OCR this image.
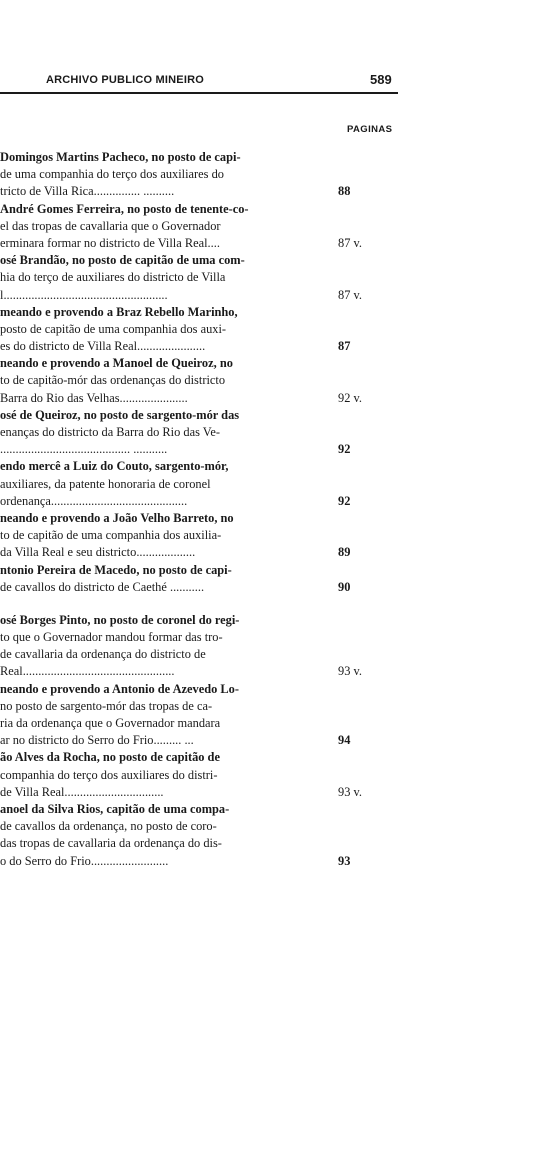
ARCHIVO PUBLICO MINEIRO	589
PAGINAS
Domingos Martins Pacheco, no posto de capi-
de uma companhia do terço dos auxiliares do
tricto de Villa Rica............... ..........	88
André Gomes Ferreira, no posto de tenente-co-
el das tropas de cavallaria que o Governador
erminara formar no districto de Villa Real....	87 v.
osé Brandão, no posto de capitão de uma com-
hia do terço de auxiliares do districto de Villa
l.....................................................	87 v.
meando e provendo a Braz Rebello Marinho,
posto de capitão de uma companhia dos auxi-
es do districto de Villa Real......................	87
neando e provendo a Manoel de Queiroz, no
to de capitão-mór das ordenanças do districto
Barra do Rio das Velhas......................	92 v.
osé de Queiroz, no posto de sargento-mór das
enanças do districto da Barra do Rio das Ve-
.......................................... ...........	92
endo mercê a Luiz do Couto, sargento-mór,
auxiliares, da patente honoraria de coronel
ordenança............................................	92
neando e provendo a João Velho Barreto, no
to de capitão de uma companhia dos auxilia-
da Villa Real e seu districto...................	89
ntonio Pereira de Macedo, no posto de capi-
de cavallos do districto de Caethé ...........	90
osé Borges Pinto, no posto de coronel do regi-
to que o Governador mandou formar das tro-
de cavallaria da ordenança do districto de
Real.................................................	93 v.
neando e provendo a Antonio de Azevedo Lo-
no posto de sargento-mór das tropas de ca-
ria da ordenança que o Governador mandara
ar no districto do Serro do Frio......... ...	94
ão Alves da Rocha, no posto de capitão de
companhia do terço dos auxiliares do distri-
de Villa Real................................	93 v.
anoel da Silva Rios, capitão de uma compa-
de cavallos da ordenança, no posto de coro-
das tropas de cavallaria da ordenança do dis-
o do Serro do Frio.........................	93
